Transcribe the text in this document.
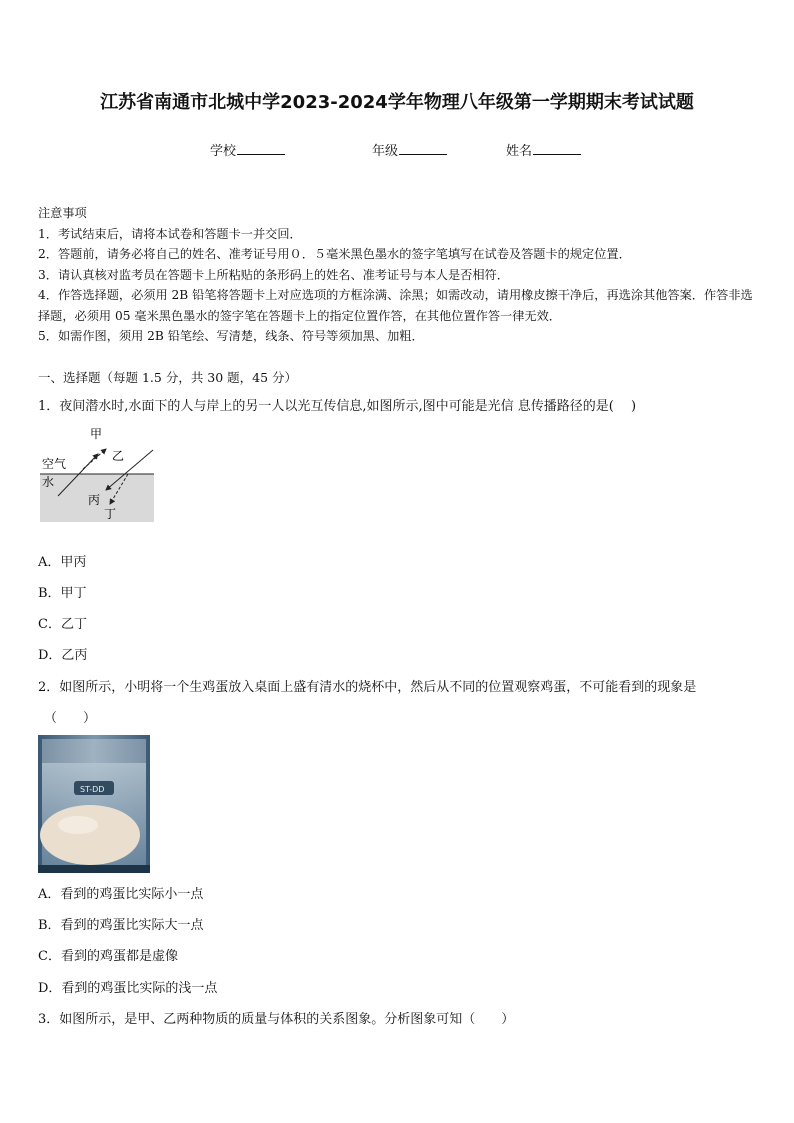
江苏省南通市北城中学2023-2024学年物理八年级第一学期期末考试试题
学校	年级	姓名
注意事项
1．考试结束后，请将本试卷和答题卡一并交回．
2．答题前，请务必将自己的姓名、准考证号用０．５毫米黑色墨水的签字笔填写在试卷及答题卡的规定位置．
3．请认真核对监考员在答题卡上所粘贴的条形码上的姓名、准考证号与本人是否相符．
4．作答选择题，必须用 2B 铅笔将答题卡上对应选项的方框涂满、涂黑；如需改动，请用橡皮擦干净后，再选涂其他答案．作答非选择题，必须用 05 毫米黑色墨水的签字笔在答题卡上的指定位置作答，在其他位置作答一律无效．
5．如需作图，须用 2B 铅笔绘、写清楚，线条、符号等须加黑、加粗．
一、选择题（每题 1.5 分，共 30 题，45 分）
1．夜间潜水时,水面下的人与岸上的另一人以光互传信息,如图所示,图中可能是光信 息传播路径的是(　 )
甲
乙
空气
水
丙
丁
A．甲丙
B．甲丁
C．乙丁
D．乙丙
2．如图所示，小明将一个生鸡蛋放入桌面上盛有清水的烧杯中，然后从不同的位置观察鸡蛋，不可能看到的现象是
（　　）
ST-DD
A．看到的鸡蛋比实际小一点
B．看到的鸡蛋比实际大一点
C．看到的鸡蛋都是虚像
D．看到的鸡蛋比实际的浅一点
3．如图所示，是甲、乙两种物质的质量与体积的关系图象。分析图象可知（　　）
